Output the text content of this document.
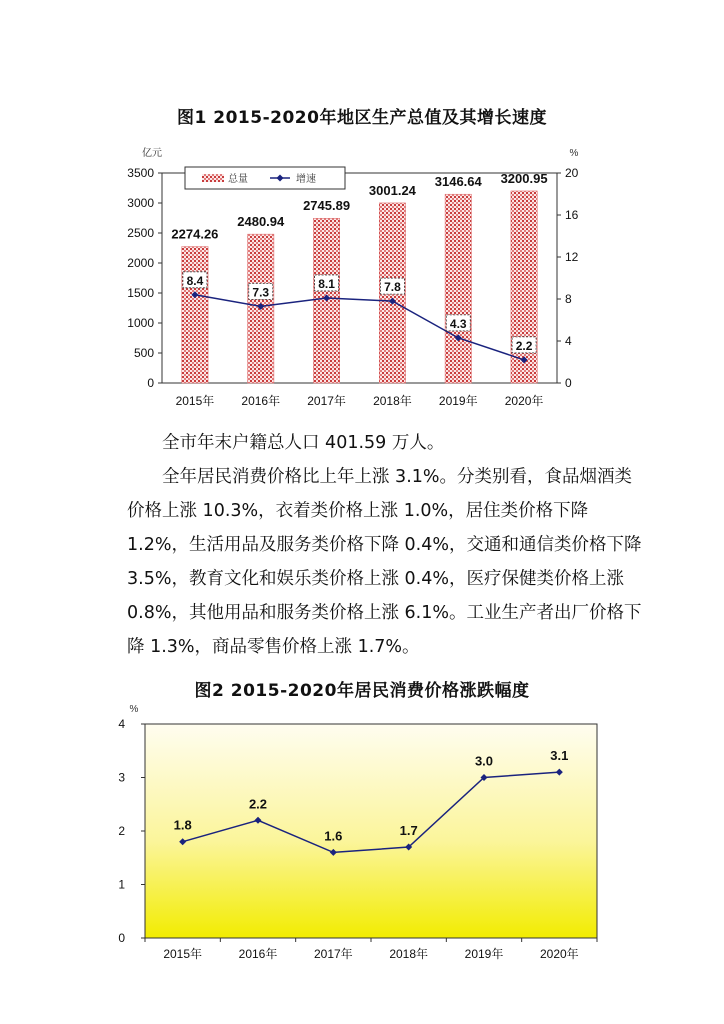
图1 2015-2020年地区生产总值及其增长速度
亿元	%
0
500
1000
1500
2000
2500
3000
3500
0
4
8
12
16
20
2015年 2016年 2017年 2018年 2019年 2020年
2274.26
2480.94
2745.89
3001.24
3146.64 3200.95
8.4
7.3
8.1	7.8
4.3
2.2
总量	增速

全市年末户籍总人口 401.59 万人。

全年居民消费价格比上年上涨 3.1%。分类别看，食品烟酒类价格上涨 10.3%，衣着类价格上涨 1.0%，居住类价格下降 1.2%，生活用品及服务类价格下降 0.4%，交通和通信类价格下降 3.5%，教育文化和娱乐类价格上涨 0.4%，医疗保健类价格上涨 0.8%，其他用品和服务类价格上涨 6.1%。工业生产者出厂价格下降 1.3%，商品零售价格上涨 1.7%。

图2 2015-2020年居民消费价格涨跌幅度
%
0
1
2
3
4
2015年	2016年	2017年	2018年	2019年	2020年
1.8
2.2
1.6	1.7
3.0	3.1
